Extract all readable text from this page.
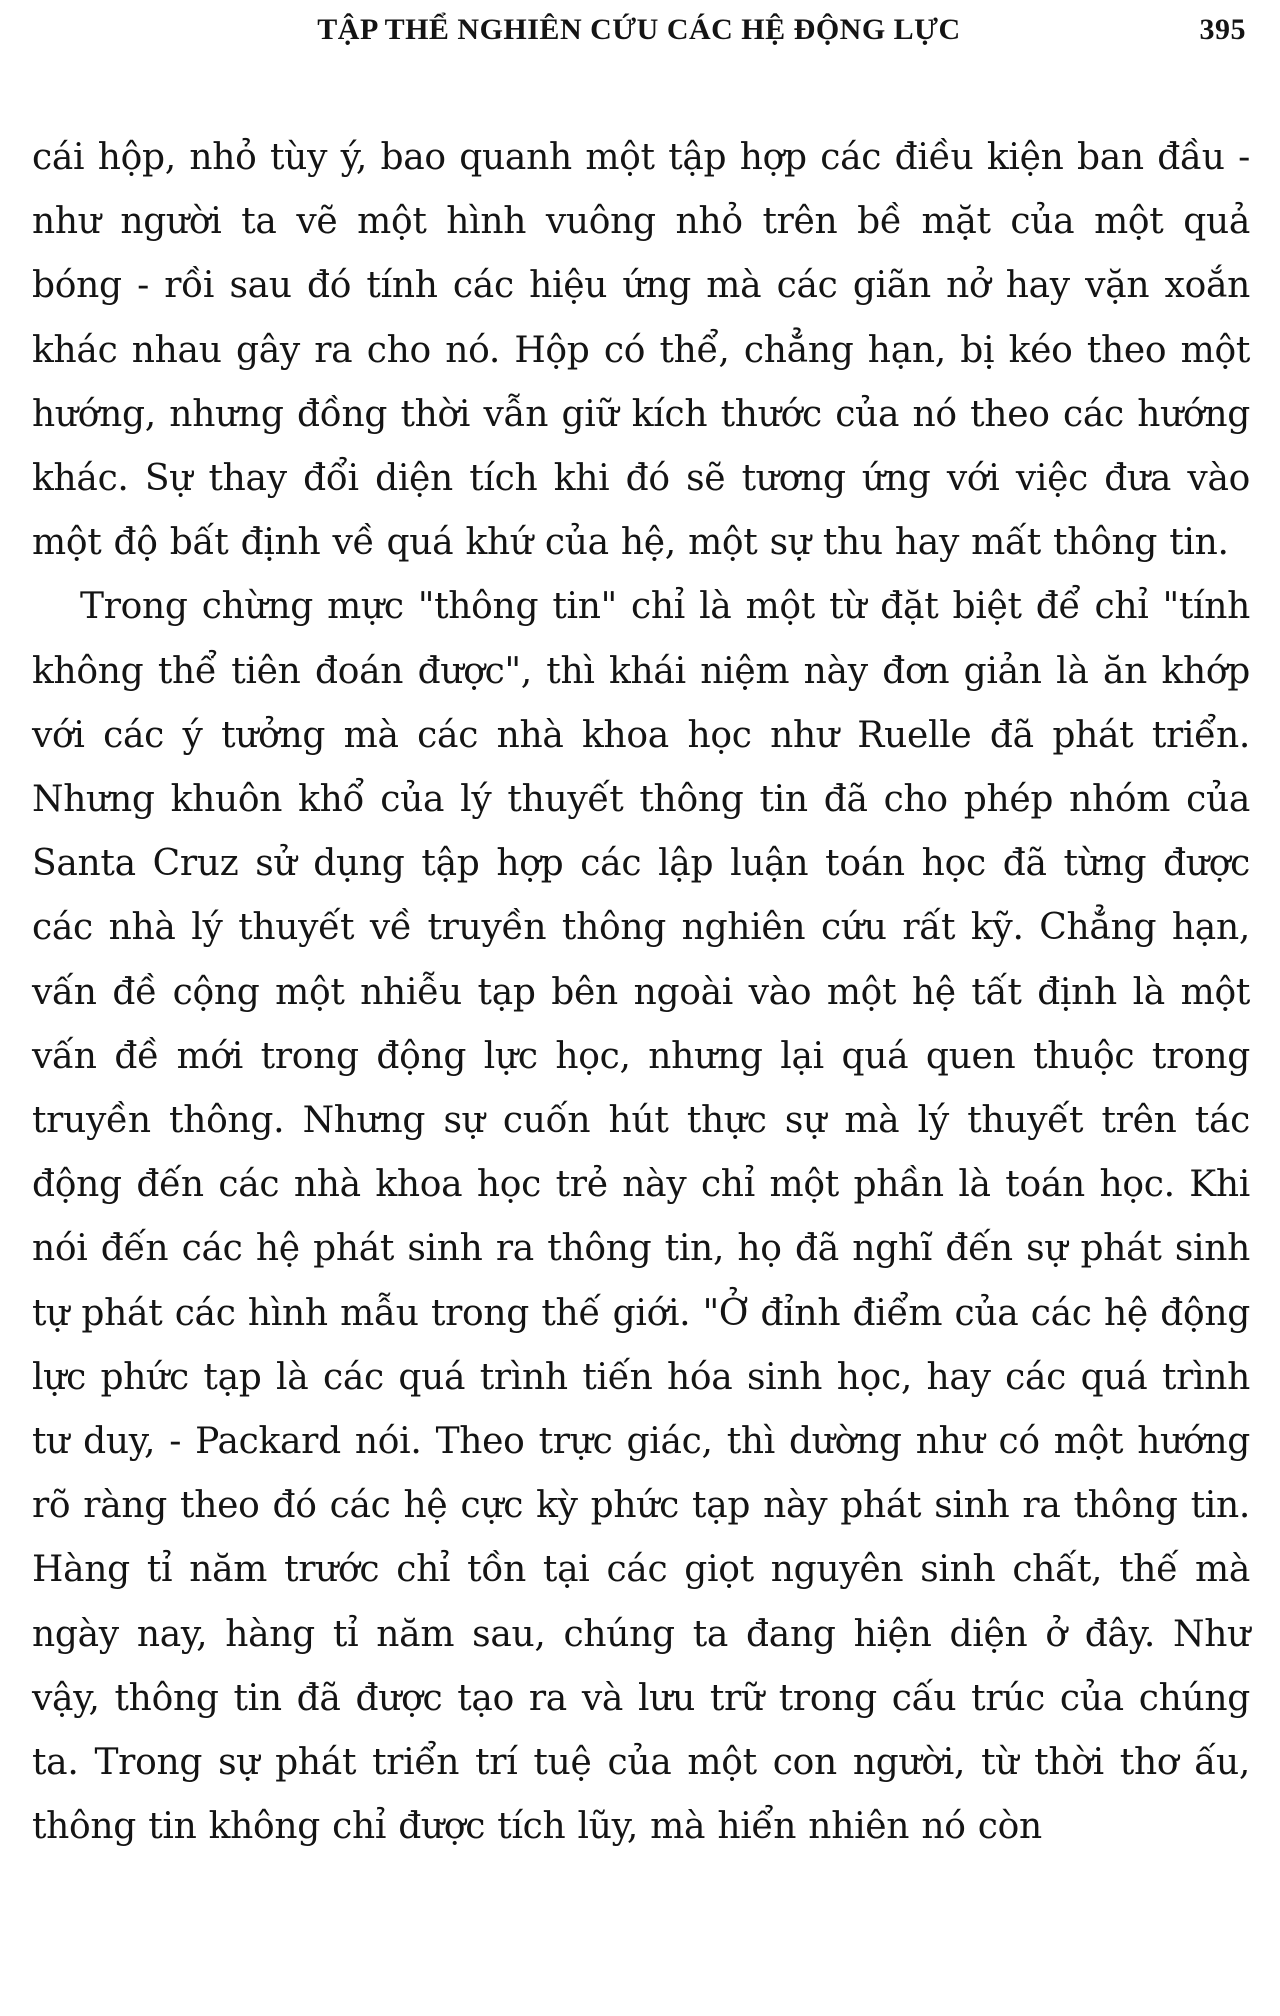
TẬP THỂ NGHIÊN CỨU CÁC HỆ ĐỘNG LỰC	395

cái hộp, nhỏ tùy ý, bao quanh một tập hợp các điều kiện ban đầu - như người ta vẽ một hình vuông nhỏ trên bề mặt của một quả bóng - rồi sau đó tính các hiệu ứng mà các giãn nở hay vặn xoắn khác nhau gây ra cho nó. Hộp có thể, chẳng hạn, bị kéo theo một hướng, nhưng đồng thời vẫn giữ kích thước của nó theo các hướng khác. Sự thay đổi diện tích khi đó sẽ tương ứng với việc đưa vào một độ bất định về quá khứ của hệ, một sự thu hay mất thông tin.

Trong chừng mực "thông tin" chỉ là một từ đặt biệt để chỉ "tính không thể tiên đoán được", thì khái niệm này đơn giản là ăn khớp với các ý tưởng mà các nhà khoa học như Ruelle đã phát triển. Nhưng khuôn khổ của lý thuyết thông tin đã cho phép nhóm của Santa Cruz sử dụng tập hợp các lập luận toán học đã từng được các nhà lý thuyết về truyền thông nghiên cứu rất kỹ. Chẳng hạn, vấn đề cộng một nhiễu tạp bên ngoài vào một hệ tất định là một vấn đề mới trong động lực học, nhưng lại quá quen thuộc trong truyền thông. Nhưng sự cuốn hút thực sự mà lý thuyết trên tác động đến các nhà khoa học trẻ này chỉ một phần là toán học. Khi nói đến các hệ phát sinh ra thông tin, họ đã nghĩ đến sự phát sinh tự phát các hình mẫu trong thế giới. "Ở đỉnh điểm của các hệ động lực phức tạp là các quá trình tiến hóa sinh học, hay các quá trình tư duy, - Packard nói. Theo trực giác, thì dường như có một hướng rõ ràng theo đó các hệ cực kỳ phức tạp này phát sinh ra thông tin. Hàng tỉ năm trước chỉ tồn tại các giọt nguyên sinh chất, thế mà ngày nay, hàng tỉ năm sau, chúng ta đang hiện diện ở đây. Như vậy, thông tin đã được tạo ra và lưu trữ trong cấu trúc của chúng ta. Trong sự phát triển trí tuệ của một con người, từ thời thơ ấu, thông tin không chỉ được tích lũy, mà hiển nhiên nó còn
